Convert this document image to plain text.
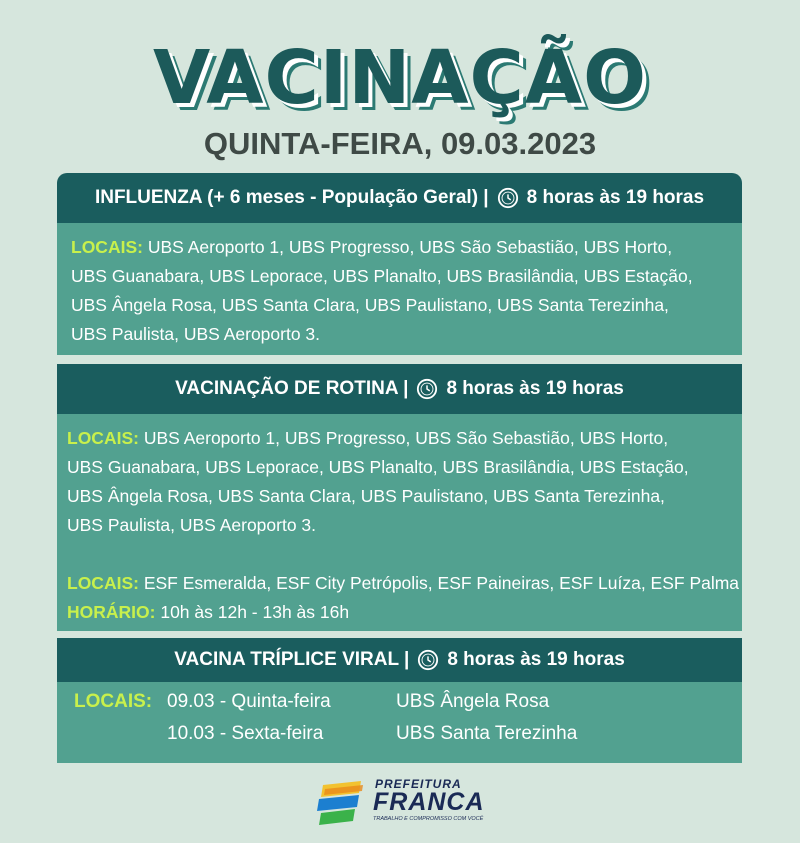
VACINAÇÃO
QUINTA-FEIRA, 09.03.2023
INFLUENZA (+ 6 meses - População Geral) | 8 horas às 19 horas

LOCAIS: UBS Aeroporto 1, UBS Progresso, UBS São Sebastião, UBS Horto,

UBS Guanabara, UBS Leporace, UBS Planalto, UBS Brasilândia, UBS Estação,

UBS Ângela Rosa, UBS Santa Clara, UBS Paulistano, UBS Santa Terezinha,

UBS Paulista, UBS Aeroporto 3.

VACINAÇÃO DE ROTINA | 8 horas às 19 horas

LOCAIS: UBS Aeroporto 1, UBS Progresso, UBS São Sebastião, UBS Horto,

UBS Guanabara, UBS Leporace, UBS Planalto, UBS Brasilândia, UBS Estação,

UBS Ângela Rosa, UBS Santa Clara, UBS Paulistano, UBS Santa Terezinha,

UBS Paulista, UBS Aeroporto 3.

LOCAIS: ESF Esmeralda, ESF City Petrópolis, ESF Paineiras, ESF Luíza, ESF Palma

HORÁRIO: 10h às 12h - 13h às 16h

VACINA TRÍPLICE VIRAL | 8 horas às 19 horas
LOCAIS: 09.03 - Quinta-feira	UBS Ângela Rosa
10.03 - Sexta-feira	UBS Santa Terezinha
PREFEITURA
FRANCA
TRABALHO E COMPROMISSO COM VOCÊ
